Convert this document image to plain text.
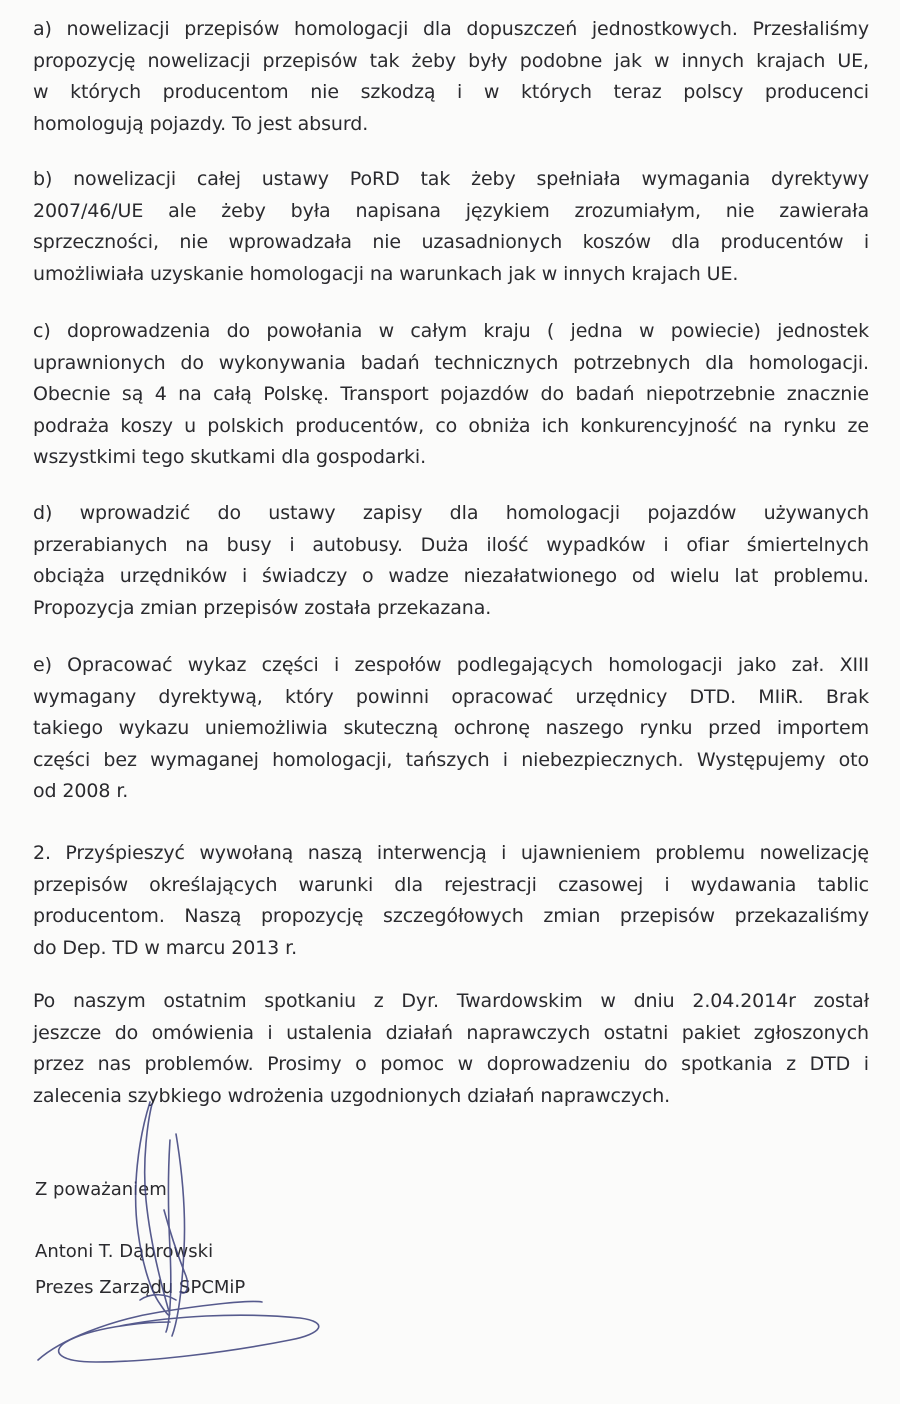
a) nowelizacji przepisów homologacji dla dopuszczeń jednostkowych. Przesłaliśmy
propozycję nowelizacji przepisów tak żeby były podobne jak w innych krajach UE,
w których producentom nie szkodzą i w których teraz polscy producenci
homologują pojazdy. To jest absurd.
b) nowelizacji całej ustawy PoRD tak żeby spełniała wymagania dyrektywy
2007/46/UE ale żeby była napisana językiem zrozumiałym, nie zawierała
sprzeczności, nie wprowadzała nie uzasadnionych koszów dla producentów i
umożliwiała uzyskanie homologacji na warunkach jak w innych krajach UE.
c) doprowadzenia do powołania w całym kraju ( jedna w powiecie) jednostek
uprawnionych do wykonywania badań technicznych potrzebnych dla homologacji.
Obecnie są 4 na całą Polskę. Transport pojazdów do badań niepotrzebnie znacznie
podraża koszy u polskich producentów, co obniża ich konkurencyjność na rynku ze
wszystkimi tego skutkami dla gospodarki.
d) wprowadzić do ustawy zapisy dla homologacji pojazdów używanych
przerabianych na busy i autobusy. Duża ilość wypadków i ofiar śmiertelnych
obciąża urzędników i świadczy o wadze niezałatwionego od wielu lat problemu.
Propozycja zmian przepisów została przekazana.
e) Opracować wykaz części i zespołów podlegających homologacji jako zał. XIII
wymagany dyrektywą, który powinni opracować urzędnicy DTD. MIiR. Brak
takiego wykazu uniemożliwia skuteczną ochronę naszego rynku przed importem
części bez wymaganej homologacji, tańszych i niebezpiecznych. Występujemy oto
od 2008 r.
2. Przyśpieszyć wywołaną naszą interwencją i ujawnieniem problemu nowelizację
przepisów określających warunki dla rejestracji czasowej i wydawania tablic
producentom. Naszą propozycję szczegółowych zmian przepisów przekazaliśmy
do Dep. TD w marcu 2013 r.
Po naszym ostatnim spotkaniu z Dyr. Twardowskim w dniu 2.04.2014r został
jeszcze do omówienia i ustalenia działań naprawczych ostatni pakiet zgłoszonych
przez nas problemów. Prosimy o pomoc w doprowadzeniu do spotkania z DTD i
zalecenia szybkiego wdrożenia uzgodnionych działań naprawczych.
Z poważaniem
Antoni T. Dąbrowski
Prezes Zarządu SPCMiP
